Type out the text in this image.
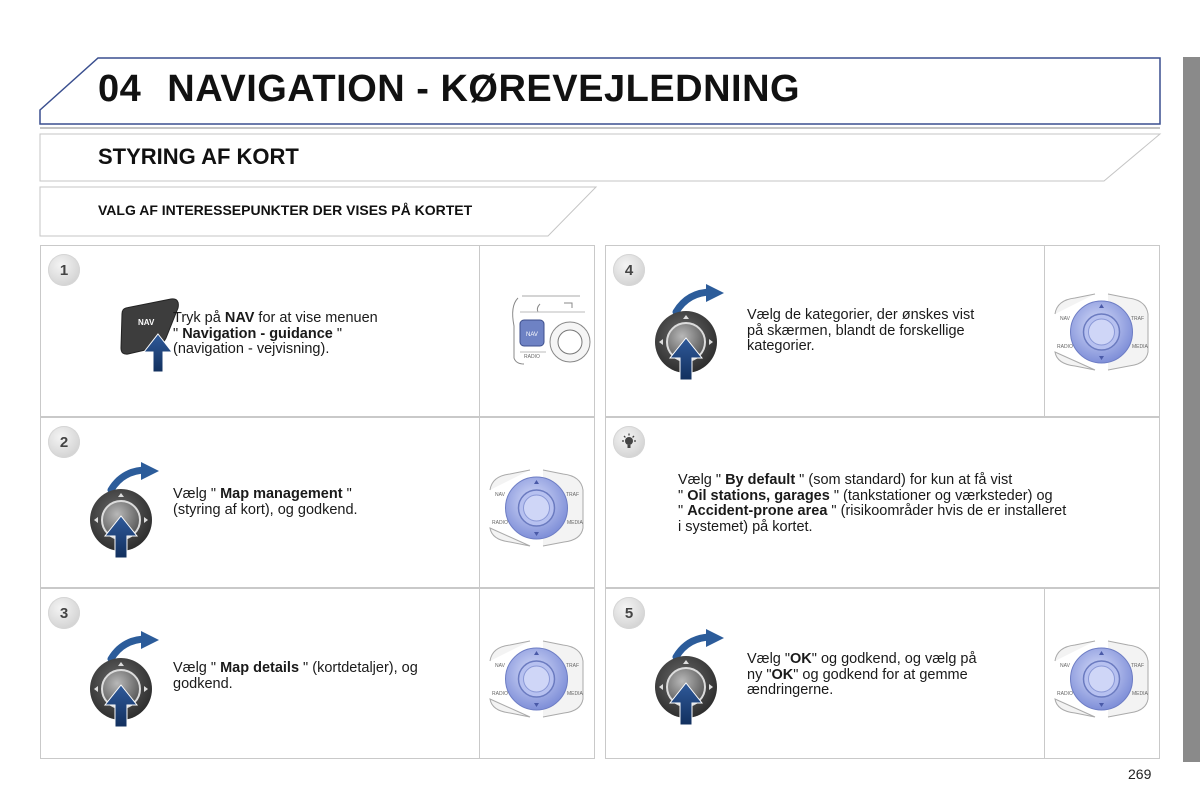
04 NAVIGATION - KØREVEJLEDNING
STYRING AF KORT
VALG AF INTERESSEPUNKTER DER VISES PÅ KORTET
1
NAV Tryk på NAV for at vise menuen
" Navigation - guidance "
(navigation - vejvisning).
NAV
RADIO
2
Vælg " Map management "
(styring af kort), og godkend.
NAV	TRAF
RADIO	MEDIA
3
Vælg " Map details " (kortdetaljer), og
godkend.
NAV	TRAF
RADIO	MEDIA
4
Vælg de kategorier, der ønskes vist
på skærmen, blandt de forskellige
kategorier.
NAV	TRAF
RADIO	MEDIA
Vælg " By default " (som standard) for kun at få vist
" Oil stations, garages " (tankstationer og værksteder) og
" Accident-prone area " (risikoområder hvis de er installeret
i systemet) på kortet.
5
Vælg "OK" og godkend, og vælg på
ny "OK" og godkend for at gemme
ændringerne.
NAV	TRAF
RADIO	MEDIA
269
